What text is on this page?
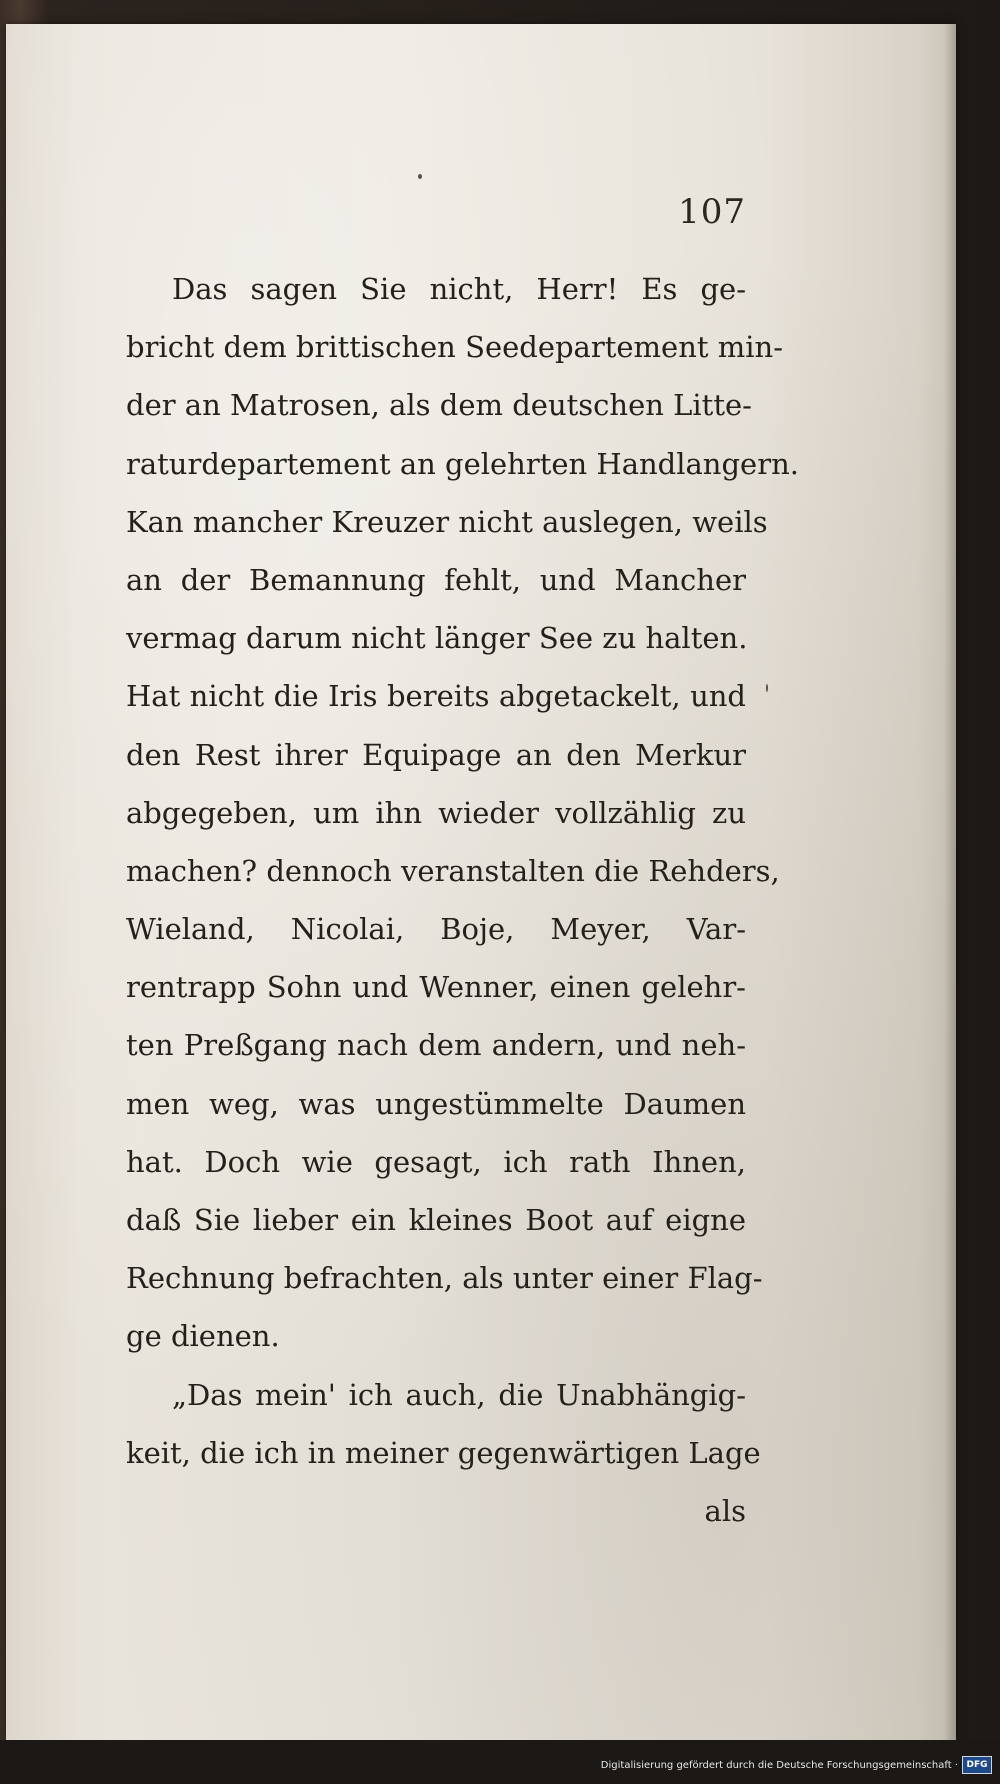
107
Das sagen Sie nicht, Herr! Es ge-
bricht dem brittischen Seedepartement min-
der an Matrosen, als dem deutschen Litte-
raturdepartement an gelehrten Handlangern.
Kan mancher Kreuzer nicht auslegen, weils
an der Bemannung fehlt, und Mancher
vermag darum nicht länger See zu halten.
Hat nicht die Iris bereits abgetackelt, und
den Rest ihrer Equipage an den Merkur
abgegeben, um ihn wieder vollzählig zu
machen? dennoch veranstalten die Rehders,
Wieland, Nicolai, Boje, Meyer, Var-
rentrapp Sohn und Wenner, einen gelehr-
ten Preßgang nach dem andern, und neh-
men weg, was ungestümmelte Daumen
hat. Doch wie gesagt, ich rath Ihnen,
daß Sie lieber ein kleines Boot auf eigne
Rechnung befrachten, als unter einer Flag-
ge dienen.
„Das mein' ich auch, die Unabhängig-
keit, die ich in meiner gegenwärtigen Lage
als
Digitalisierung gefördert durch die Deutsche Forschungsgemeinschaft · DFG
